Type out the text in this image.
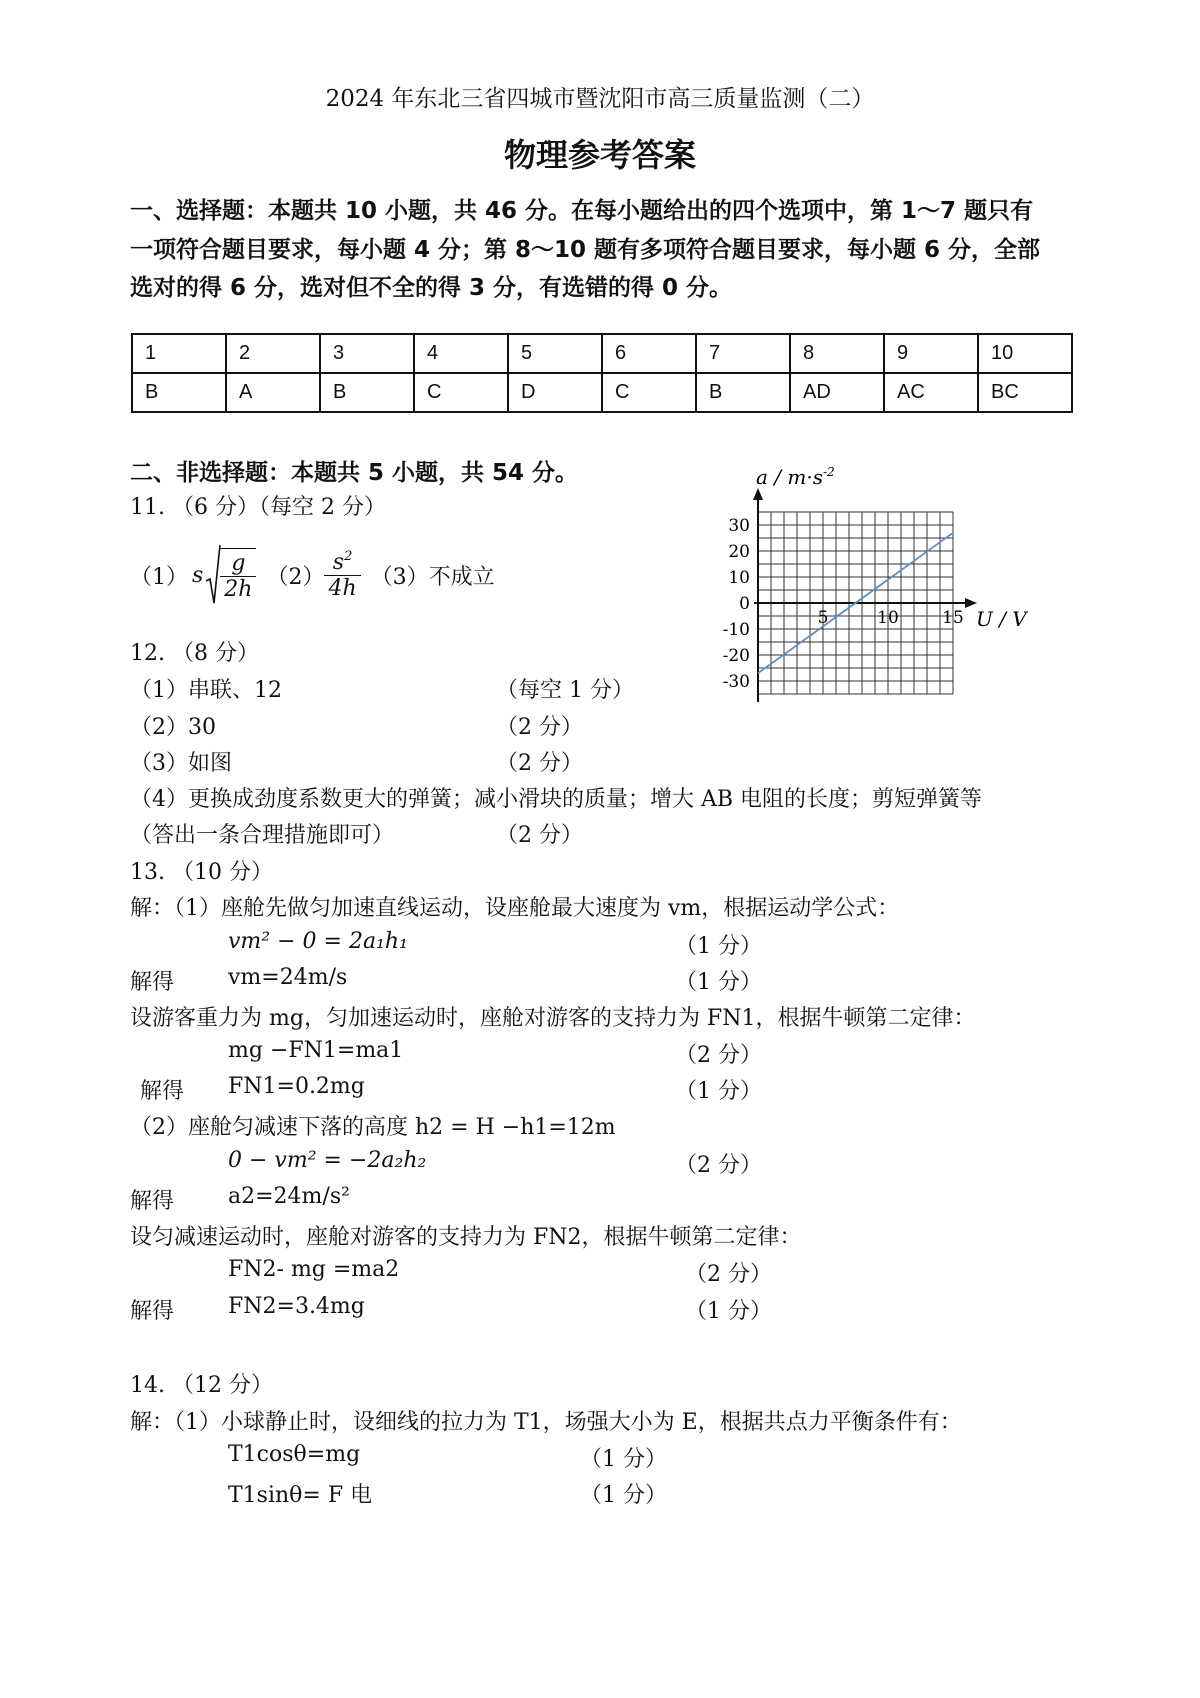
2024 年东北三省四城市暨沈阳市高三质量监测（二）
物理参考答案
一、选择题：本题共 10 小题，共 46 分。在每小题给出的四个选项中，第 1～7 题只有
一项符合题目要求，每小题 4 分；第 8～10 题有多项符合题目要求，每小题 6 分，全部
选对的得 6 分，选对但不全的得 3 分，有选错的得 0 分。
1	2	3	4	5	6	7	8	9	10
B	A	B	C	D	C	B	AD	AC	BC
二、非选择题：本题共 5 小题，共 54 分。
11. （6 分）（每空 2 分）
（1） s $\frac{g}{2h} (2) \frac{s^2}{4h} (3)$不成立
12. （8 分）
（1）串联、12	（每空 1 分）
（2）30	（2 分）
（3）如图	（2 分）
（4）更换成劲度系数更大的弹簧；减小滑块的质量；增大 AB 电阻的长度；剪短弹簧等
（答出一条合理措施即可）	（2 分）
5	10	15
30
20
10
0
-10
-20
-30
$a / m\cdot s^{-2}$
U / V
13. （10 分）
解：（1）座舱先做匀加速直线运动，设座舱最大速度为 vm，根据运动学公式：
vm² − 0 = 2a₁h₁	（1 分）
解得 vm=24m/s	（1 分）
设游客重力为 mg，匀加速运动时，座舱对游客的支持力为 FN1，根据牛顿第二定律：
mg −FN1=ma1	（2 分）
解得 FN1=0.2mg	（1 分）
（2）座舱匀减速下落的高度 h2 = H −h1=12m
0 − vm² = −2a₂h₂	（2 分）
解得 a2=24m/s²
设匀减速运动时，座舱对游客的支持力为 FN2，根据牛顿第二定律：
FN2- mg =ma2	（2 分）
解得 FN2=3.4mg	（1 分）
14. （12 分）
解：（1）小球静止时，设细线的拉力为 T1，场强大小为 E，根据共点力平衡条件有：
T1cosθ=mg	（1 分）
T1sinθ= F 电	（1 分）
